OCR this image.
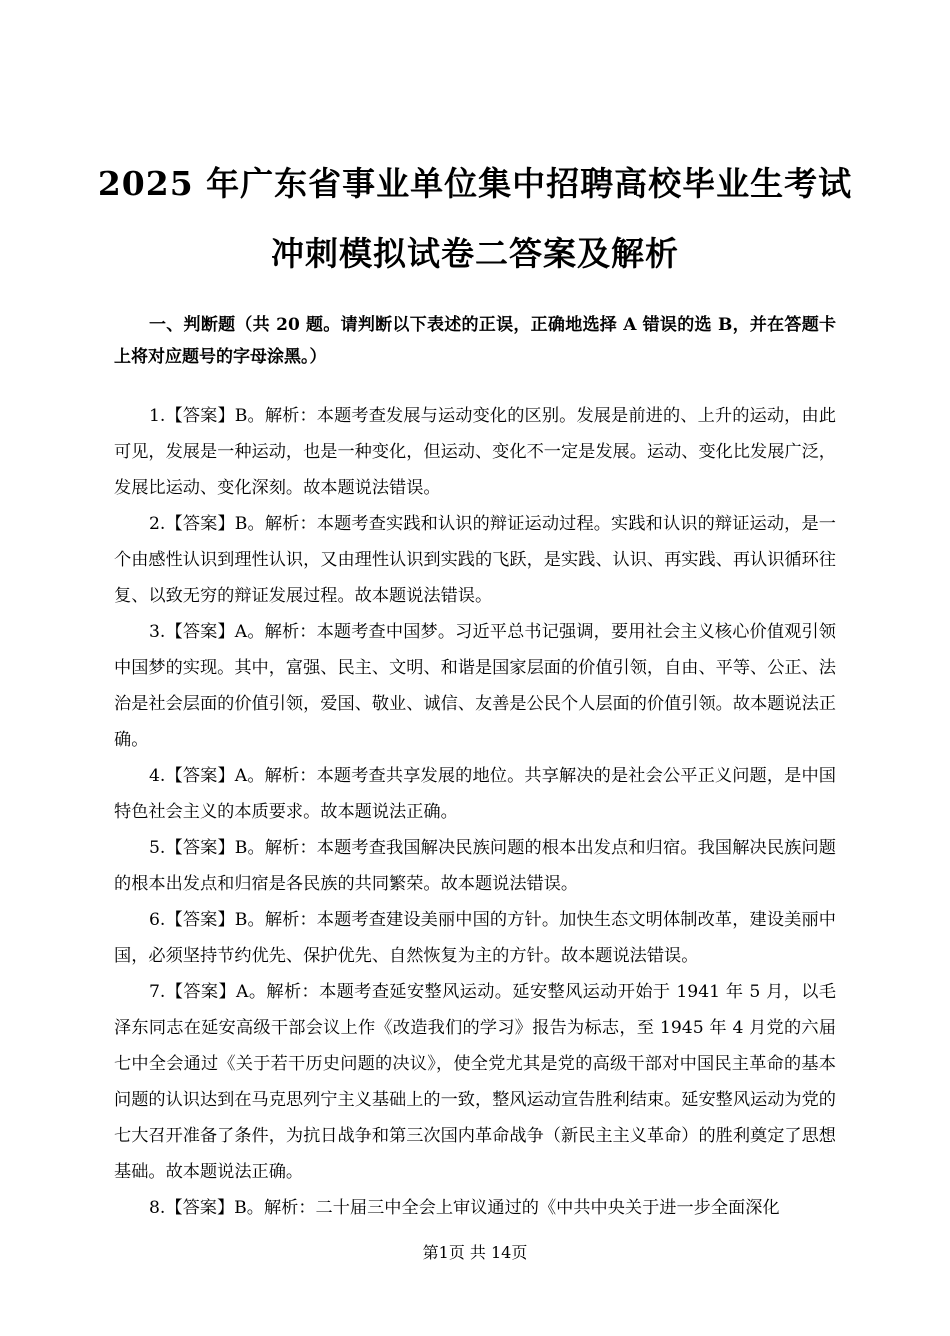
2025 年广东省事业单位集中招聘高校毕业生考试
冲刺模拟试卷二答案及解析
一、判断题（共 20 题。请判断以下表述的正误，正确地选择 A 错误的选 B，并在答题卡上将对应题号的字母涂黑。）

1.【答案】B。解析：本题考查发展与运动变化的区别。发展是前进的、上升的运动，由此可见，发展是一种运动，也是一种变化，但运动、变化不一定是发展。运动、变化比发展广泛，发展比运动、变化深刻。故本题说法错误。

2.【答案】B。解析：本题考查实践和认识的辩证运动过程。实践和认识的辩证运动，是一个由感性认识到理性认识，又由理性认识到实践的飞跃，是实践、认识、再实践、再认识循环往复、以致无穷的辩证发展过程。故本题说法错误。

3.【答案】A。解析：本题考查中国梦。习近平总书记强调，要用社会主义核心价值观引领中国梦的实现。其中，富强、民主、文明、和谐是国家层面的价值引领，自由、平等、公正、法治是社会层面的价值引领，爱国、敬业、诚信、友善是公民个人层面的价值引领。故本题说法正确。

4.【答案】A。解析：本题考查共享发展的地位。共享解决的是社会公平正义问题，是中国特色社会主义的本质要求。故本题说法正确。

5.【答案】B。解析：本题考查我国解决民族问题的根本出发点和归宿。我国解决民族问题的根本出发点和归宿是各民族的共同繁荣。故本题说法错误。

6.【答案】B。解析：本题考查建设美丽中国的方针。加快生态文明体制改革，建设美丽中国，必须坚持节约优先、保护优先、自然恢复为主的方针。故本题说法错误。

7.【答案】A。解析：本题考查延安整风运动。延安整风运动开始于 1941 年 5 月，以毛泽东同志在延安高级干部会议上作《改造我们的学习》报告为标志，至 1945 年 4 月党的六届七中全会通过《关于若干历史问题的决议》，使全党尤其是党的高级干部对中国民主革命的基本问题的认识达到在马克思列宁主义基础上的一致，整风运动宣告胜利结束。延安整风运动为党的七大召开准备了条件，为抗日战争和第三次国内革命战争（新民主主义革命）的胜利奠定了思想基础。故本题说法正确。

8.【答案】B。解析：二十届三中全会上审议通过的《中共中央关于进一步全面深化

第1页 共 14页
